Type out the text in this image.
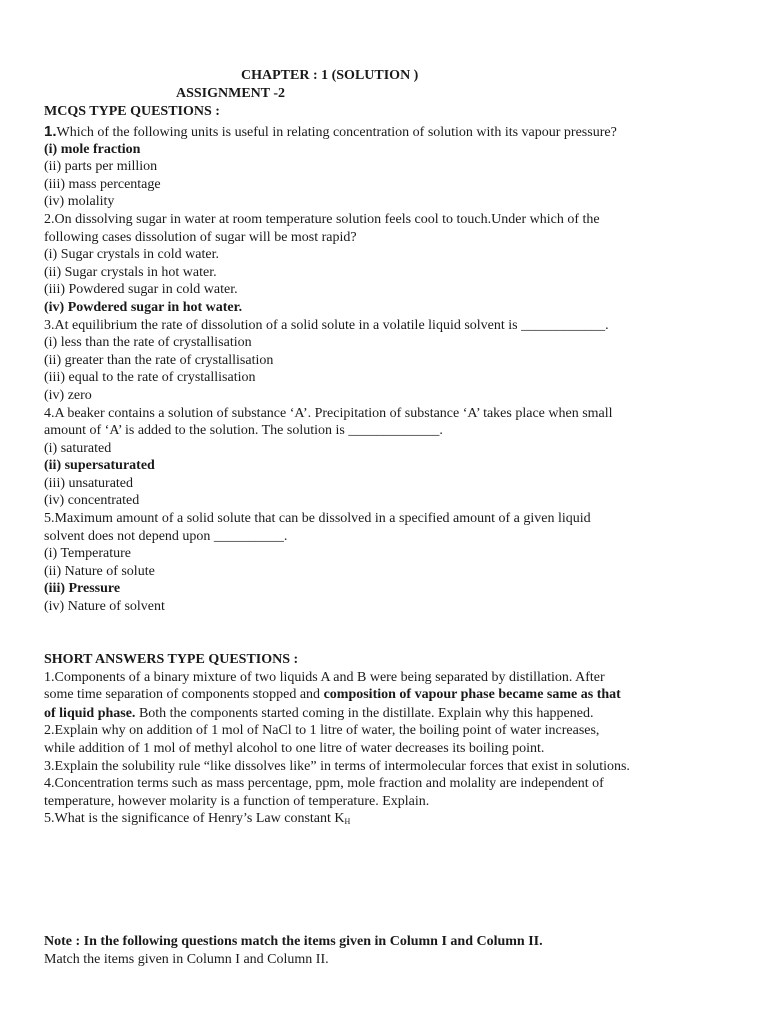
CHAPTER : 1 (SOLUTION )
ASSIGNMENT -2
MCQS TYPE QUESTIONS :
1.Which of the following units is useful in relating concentration of solution with its vapour pressure?
(i) mole fraction
(ii) parts per million
(iii) mass percentage
(iv) molality
2.On dissolving sugar in water at room temperature solution feels cool to touch.Under which of the
following cases dissolution of sugar will be most rapid?
(i) Sugar crystals in cold water.
(ii) Sugar crystals in hot water.
(iii) Powdered sugar in cold water.
(iv) Powdered sugar in hot water.
3.At equilibrium the rate of dissolution of a solid solute in a volatile liquid solvent is ____________.
(i) less than the rate of crystallisation
(ii) greater than the rate of crystallisation
(iii) equal to the rate of crystallisation
(iv) zero
4.A beaker contains a solution of substance ‘A’. Precipitation of substance ‘A’ takes place when small
amount of ‘A’ is added to the solution. The solution is _____________.
(i) saturated
(ii) supersaturated
(iii) unsaturated
(iv) concentrated
5.Maximum amount of a solid solute that can be dissolved in a specified amount of a given liquid
solvent does not depend upon __________.
(i) Temperature
(ii) Nature of solute
(iii) Pressure
(iv) Nature of solvent
SHORT ANSWERS TYPE QUESTIONS :
1.Components of a binary mixture of two liquids A and B were being separated by distillation. After
some time separation of components stopped and composition of vapour phase became same as that
of liquid phase. Both the components started coming in the distillate. Explain why this happened.
2.Explain why on addition of 1 mol of NaCl to 1 litre of water, the boiling point of water increases,
while addition of 1 mol of methyl alcohol to one litre of water decreases its boiling point.
3.Explain the solubility rule “like dissolves like” in terms of intermolecular forces that exist in solutions.
4.Concentration terms such as mass percentage, ppm, mole fraction and molality are independent of
temperature, however molarity is a function of temperature. Explain.
5.What is the significance of Henry’s Law constant $K_H$
Note : In the following questions match the items given in Column I and Column II.
Match the items given in Column I and Column II.
